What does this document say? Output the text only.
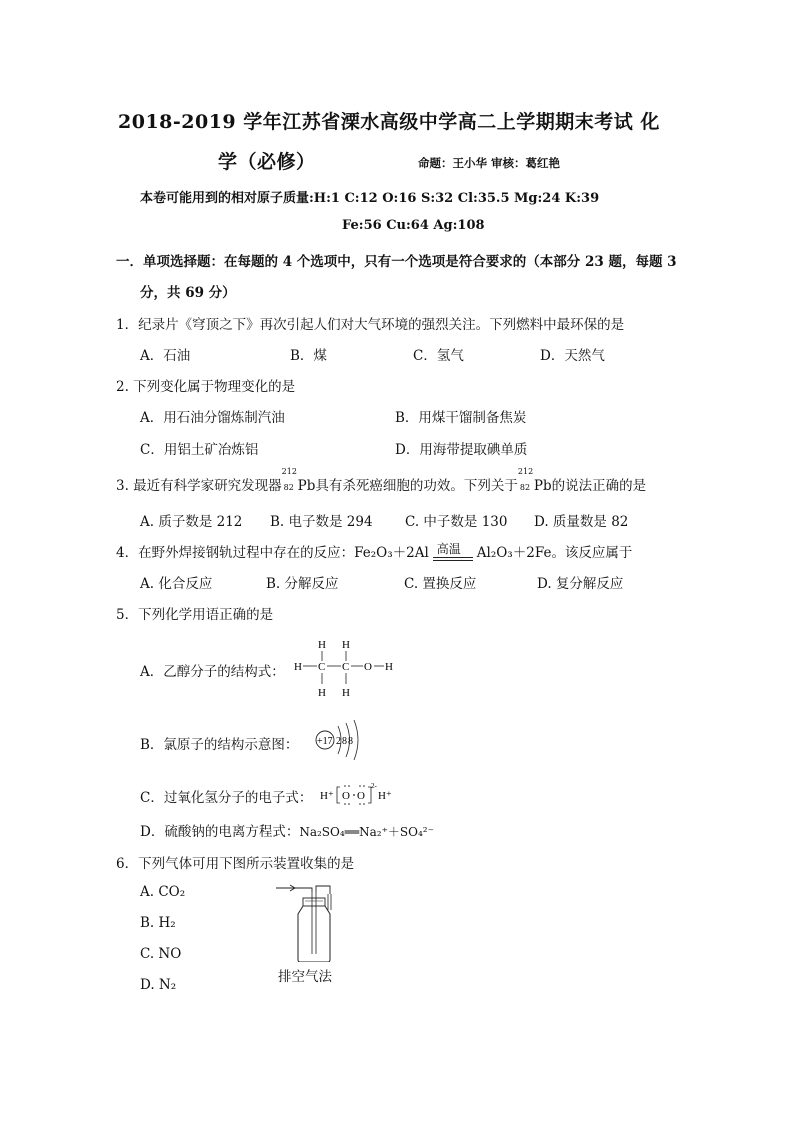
2018-2019 学年江苏省溧水高级中学高二上学期期末考试 化
学（必修）	命题：王小华 审核：葛红艳
本卷可能用到的相对原子质量:H:1 C:12 O:16 S:32 Cl:35.5 Mg:24 K:39
Fe:56 Cu:64 Ag:108
一．单项选择题：在每题的 4 个选项中，只有一个选项是符合要求的（本部分 23 题，每题 3
分，共 69 分）
1．纪录片《穹顶之下》再次引起人们对大气环境的强烈关注。下列燃料中最环保的是
A．石油	B．煤	C．氢气	D．天然气
2. 下列变化属于物理变化的是
A．用石油分馏炼制汽油	B．用煤干馏制备焦炭
C．用铝土矿冶炼铝	D．用海带提取碘单质
3. 最近有科学家研究发现器
212
82 Pb具有杀死癌细胞的功效。下列关于
212
82 Pb的说法正确的是
A. 质子数是 212 B. 电子数是 294 C. 中子数是 130 D. 质量数是 82
4．在野外焊接钢轨过程中存在的反应：Fe₂O₃＋2Al 高温 Al₂O₃＋2Fe。该反应属于
A. 化合反应	B. 分解反应	C. 置换反应	D. 复分解反应
5．下列化学用语正确的是
A．乙醇分子的结构式：
H H
H C C O H
H H
B．氯原子的结构示意图： +17 288
C．过氧化氢分子的电子式： H⁺ O O
2-
H⁺
D．硫酸钠的电离方程式：Na₂SO₄══Na₂⁺＋SO₄²⁻
6．下列气体可用下图所示装置收集的是
A. CO₂
B. H₂
C. NO
D. N₂	排空气法
